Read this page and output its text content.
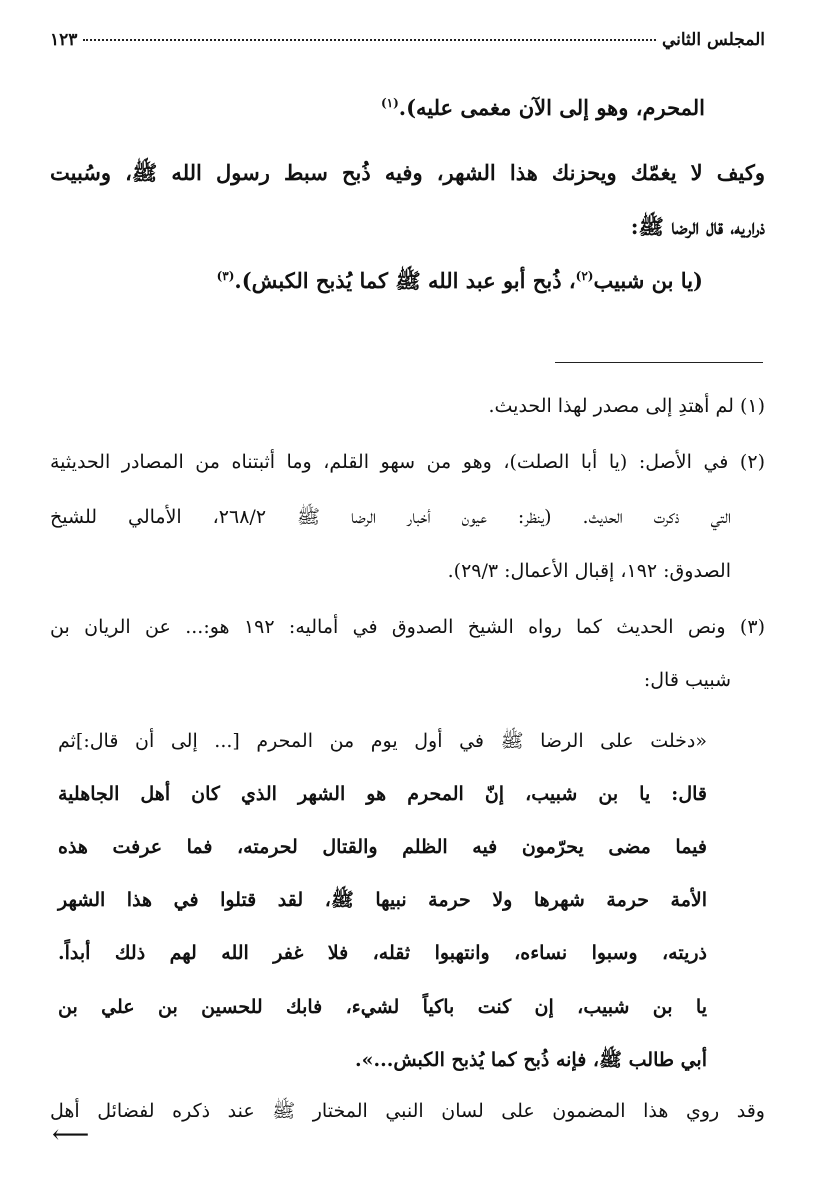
المجلس الثاني
١٢٣
المحرم، وهو إلى الآن مغمى عليه).$^{(١)}$
وكيف لا يغمّك ويحزنك هذا الشهر، وفيه ذُبح سبط رسول الله ﷺ، وسُبيت
ذراريه، قال الرضا ﷺ:
(يا بن شبيب$^{(٢)}$، ذُبح أبو عبد الله ﷺ كما يُذبح الكبش).$^{(٣)}$
(١) لم أهتدِ إلى مصدر لهذا الحديث.
(٢) في الأصل: (يا أبا الصلت)، وهو من سهو القلم، وما أثبتناه من المصادر الحديثية
التي ذكرت الحديث. (ينظر: عيون أخبار الرضا ﷺ ٢٦٨/٢، الأمالي للشيخ
الصدوق: ١٩٢، إقبال الأعمال: ٢٩/٣).
(٣) ونص الحديث كما رواه الشيخ الصدوق في أماليه: ١٩٢ هو:... عن الريان بن
شبيب قال:
«دخلت على الرضا ﷺ في أول يوم من المحرم [... إلى أن قال:]ثم
قال: يا بن شبيب، إنّ المحرم هو الشهر الذي كان أهل الجاهلية
فيما مضى يحرّمون فيه الظلم والقتال لحرمته، فما عرفت هذه
الأمة حرمة شهرها ولا حرمة نبيها ﷺ، لقد قتلوا في هذا الشهر
ذريته، وسبوا نساءه، وانتهبوا ثقله، فلا غفر الله لهم ذلك أبداً.
يا بن شبيب، إن كنت باكياً لشيء، فابك للحسين بن علي بن
أبي طالب ﷺ، فإنه ذُبح كما يُذبح الكبش...».
وقد روي هذا المضمون على لسان النبي المختار ﷺ عند ذكره لفضائل أهل
⟵
